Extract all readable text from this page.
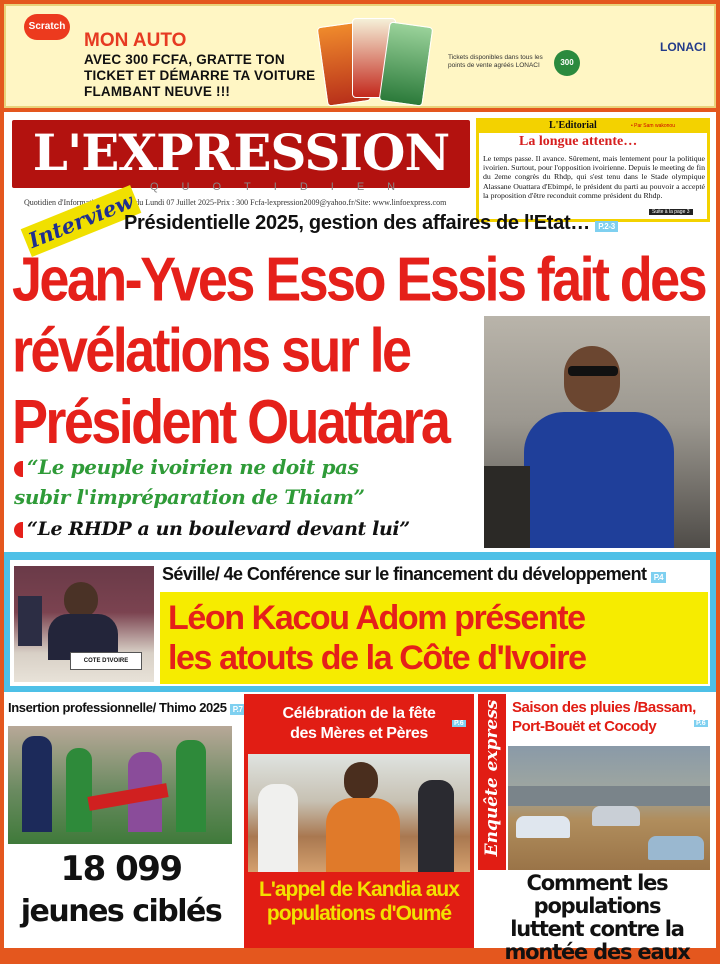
Scratch
MON AUTO
AVEC 300 FCFA, GRATTE TON
TICKET ET DÉMARRE TA VOITURE
FLAMBANT NEUVE !!!
Tickets disponibles dans tous les points de vente agréés LONACI	300
LONACI
L'EXPRESSION
QUOTIDIEN
Quotidien d'Information - N°4345 du Lundi 07 Juillet 2025-Prix : 300 Fcfa-lexpression2009@yahoo.fr/Site: www.linfoexpress.com
L'Editorial	• Par Sam wakonou
La longue attente…
Le temps passe. Il avance. Sûrement, mais lentement pour la politique ivoirien. Surtout, pour l'opposition ivoirienne. Depuis le meeting de fin du 2eme congrès du Rhdp, qui s'est tenu dans le Stade olympique Alassane Ouattara d'Ebimpé, le président du parti au pouvoir a accepté la proposition d'être reconduit comme président du Rhdp.
Suite à la page 3
Interview
Présidentielle 2025, gestion des affaires de l'Etat… P.2-3
Jean-Yves Esso Essis fait des
révélations sur le
Président Ouattara
“Le peuple ivoirien ne doit pas
subir l'impréparation de Thiam”
“Le RHDP a un boulevard devant lui”
COTE D'IVOIRE
Séville/ 4e Conférence sur le financement du développement P.4
Léon Kacou Adom présente
les atouts de la Côte d'Ivoire
Insertion professionnelle/ Thimo 2025 P.7
18 099
jeunes ciblés
Célébration de la fête
des Mères et Pères
P.6
L'appel de Kandia aux
populations d'Oumé
Enquête express Saison des pluies /Bassam,
Port-Bouët et Cocody	P.6
Comment les populations
luttent contre la
montée des eaux
